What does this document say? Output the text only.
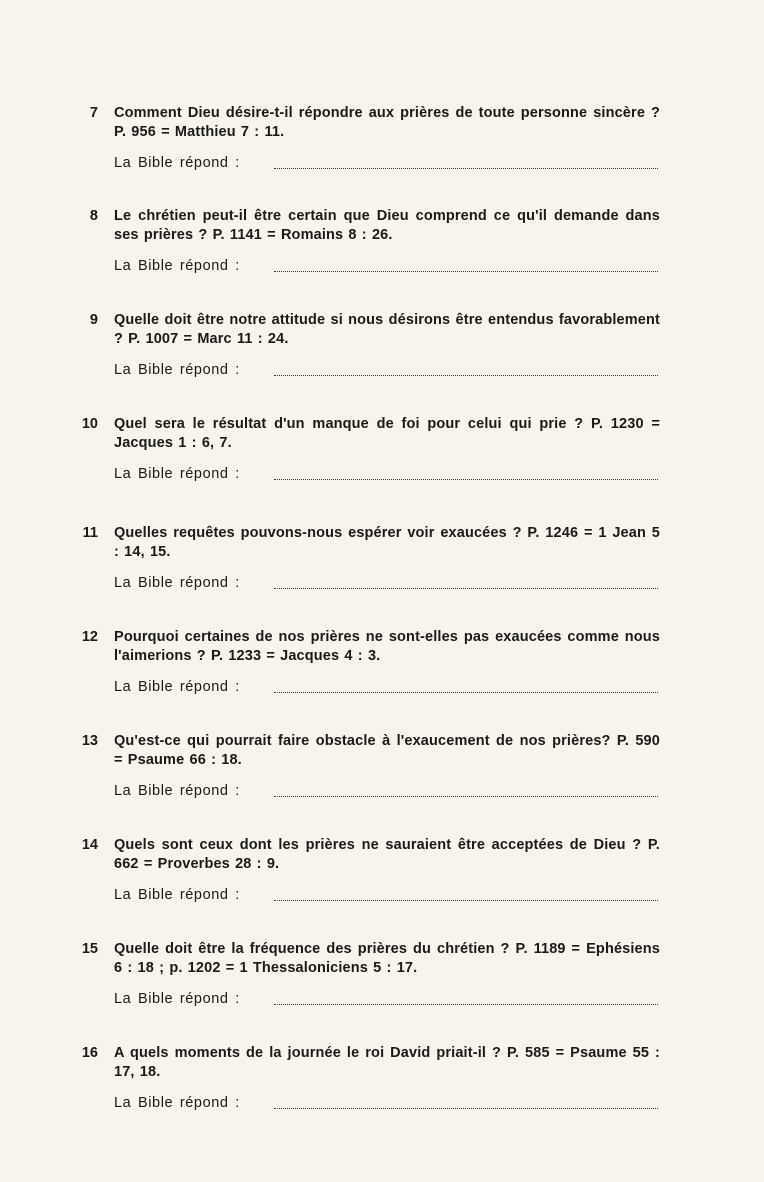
7 Comment Dieu désire-t-il répondre aux prières de toute personne sincère ? P. 956 = Matthieu 7 : 11.
La Bible répond :
8 Le chrétien peut-il être certain que Dieu comprend ce qu'il demande dans ses prières ? P. 1141 = Romains 8 : 26.
La Bible répond :
9 Quelle doit être notre attitude si nous désirons être entendus favorablement ? P. 1007 = Marc 11 : 24.
La Bible répond :
10 Quel sera le résultat d'un manque de foi pour celui qui prie ? P. 1230 = Jacques 1 : 6, 7.
La Bible répond :
11 Quelles requêtes pouvons-nous espérer voir exaucées ? P. 1246 = 1 Jean 5 : 14, 15.
La Bible répond :
12 Pourquoi certaines de nos prières ne sont-elles pas exaucées comme nous l'aimerions ? P. 1233 = Jacques 4 : 3.
La Bible répond :
13 Qu'est-ce qui pourrait faire obstacle à l'exaucement de nos prières? P. 590 = Psaume 66 : 18.
La Bible répond :
14 Quels sont ceux dont les prières ne sauraient être acceptées de Dieu ? P. 662 = Proverbes 28 : 9.
La Bible répond :
15 Quelle doit être la fréquence des prières du chrétien ? P. 1189 = Ephésiens 6 : 18 ; p. 1202 = 1 Thessaloniciens 5 : 17.
La Bible répond :
16 A quels moments de la journée le roi David priait-il ? P. 585 = Psaume 55 : 17, 18.
La Bible répond :
